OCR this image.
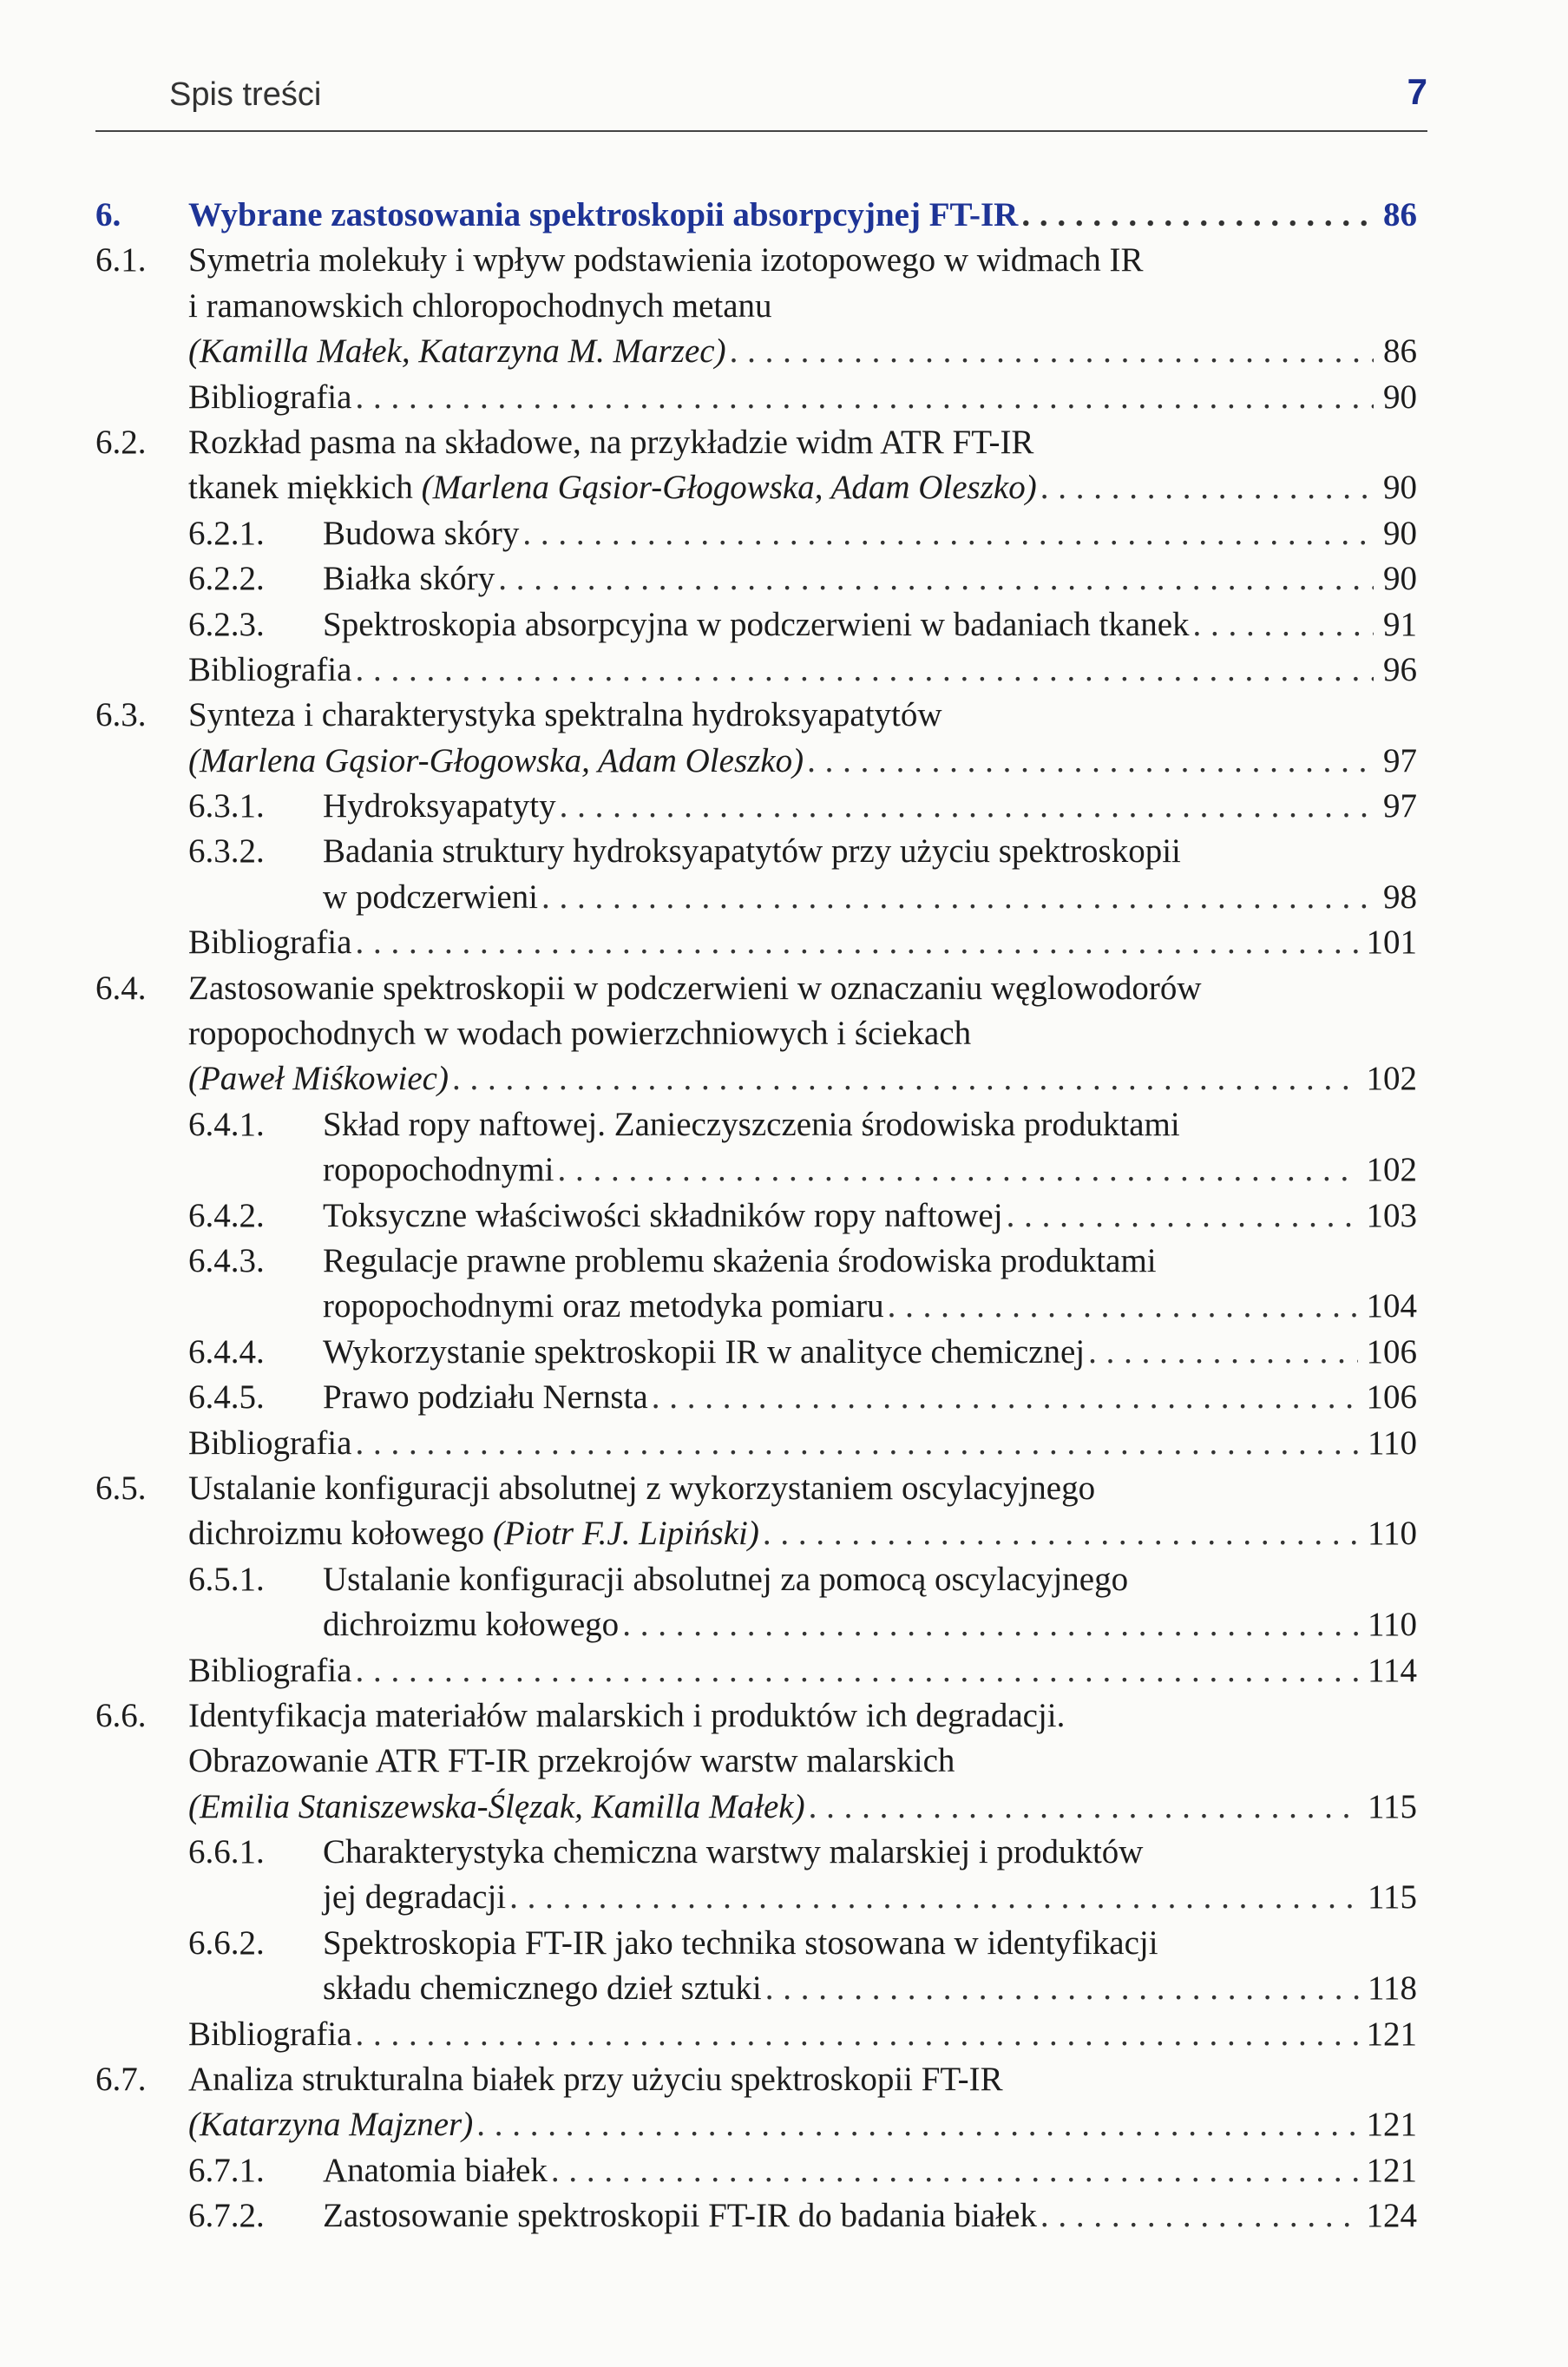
Spis treści	7
6.	Wybrane zastosowania spektroskopii absorpcyjnej FT-IR . . .	86
6.1.	Symetria molekuły i wpływ podstawienia izotopowego w widmach IR
i ramanowskich chloropochodnych metanu
(Kamilla Małek, Katarzyna M. Marzec) . . .	86
Bibliografia . . .	90
6.2.	Rozkład pasma na składowe, na przykładzie widm ATR FT-IR
tkanek miękkich (Marlena Gąsior-Głogowska, Adam Oleszko) . . .	90
6.2.1.	Budowa skóry . . .	90
6.2.2.	Białka skóry . . .	90
6.2.3.	Spektroskopia absorpcyjna w podczerwieni w badaniach tkanek . . .	91
Bibliografia . . .	96
6.3.	Synteza i charakterystyka spektralna hydroksyapatytów
(Marlena Gąsior-Głogowska, Adam Oleszko) . . .	97
6.3.1.	Hydroksyapatyty . . .	97
6.3.2.	Badania struktury hydroksyapatytów przy użyciu spektroskopii
w podczerwieni . . .	98
Bibliografia . . .	101
6.4.	Zastosowanie spektroskopii w podczerwieni w oznaczaniu węglowodorów
ropopochodnych w wodach powierzchniowych i ściekach
(Paweł Miśkowiec) . . .	102
6.4.1.	Skład ropy naftowej. Zanieczyszczenia środowiska produktami
ropopochodnymi . . .	102
6.4.2.	Toksyczne właściwości składników ropy naftowej . . .	103
6.4.3.	Regulacje prawne problemu skażenia środowiska produktami
ropopochodnymi oraz metodyka pomiaru . . .	104
6.4.4.	Wykorzystanie spektroskopii IR w analityce chemicznej . . .	106
6.4.5.	Prawo podziału Nernsta . . .	106
Bibliografia . . .	110
6.5.	Ustalanie konfiguracji absolutnej z wykorzystaniem oscylacyjnego
dichroizmu kołowego (Piotr F.J. Lipiński) . . .	110
6.5.1.	Ustalanie konfiguracji absolutnej za pomocą oscylacyjnego
dichroizmu kołowego . . .	110
Bibliografia . . .	114
6.6.	Identyfikacja materiałów malarskich i produktów ich degradacji.
Obrazowanie ATR FT-IR przekrojów warstw malarskich
(Emilia Staniszewska-Ślęzak, Kamilla Małek) . . .	115
6.6.1.	Charakterystyka chemiczna warstwy malarskiej i produktów
jej degradacji . . .	115
6.6.2.	Spektroskopia FT-IR jako technika stosowana w identyfikacji
składu chemicznego dzieł sztuki . . .	118
Bibliografia . . .	121
6.7.	Analiza strukturalna białek przy użyciu spektroskopii FT-IR
(Katarzyna Majzner) . . .	121
6.7.1.	Anatomia białek . . .	121
6.7.2.	Zastosowanie spektroskopii FT-IR do badania białek . . .	124
